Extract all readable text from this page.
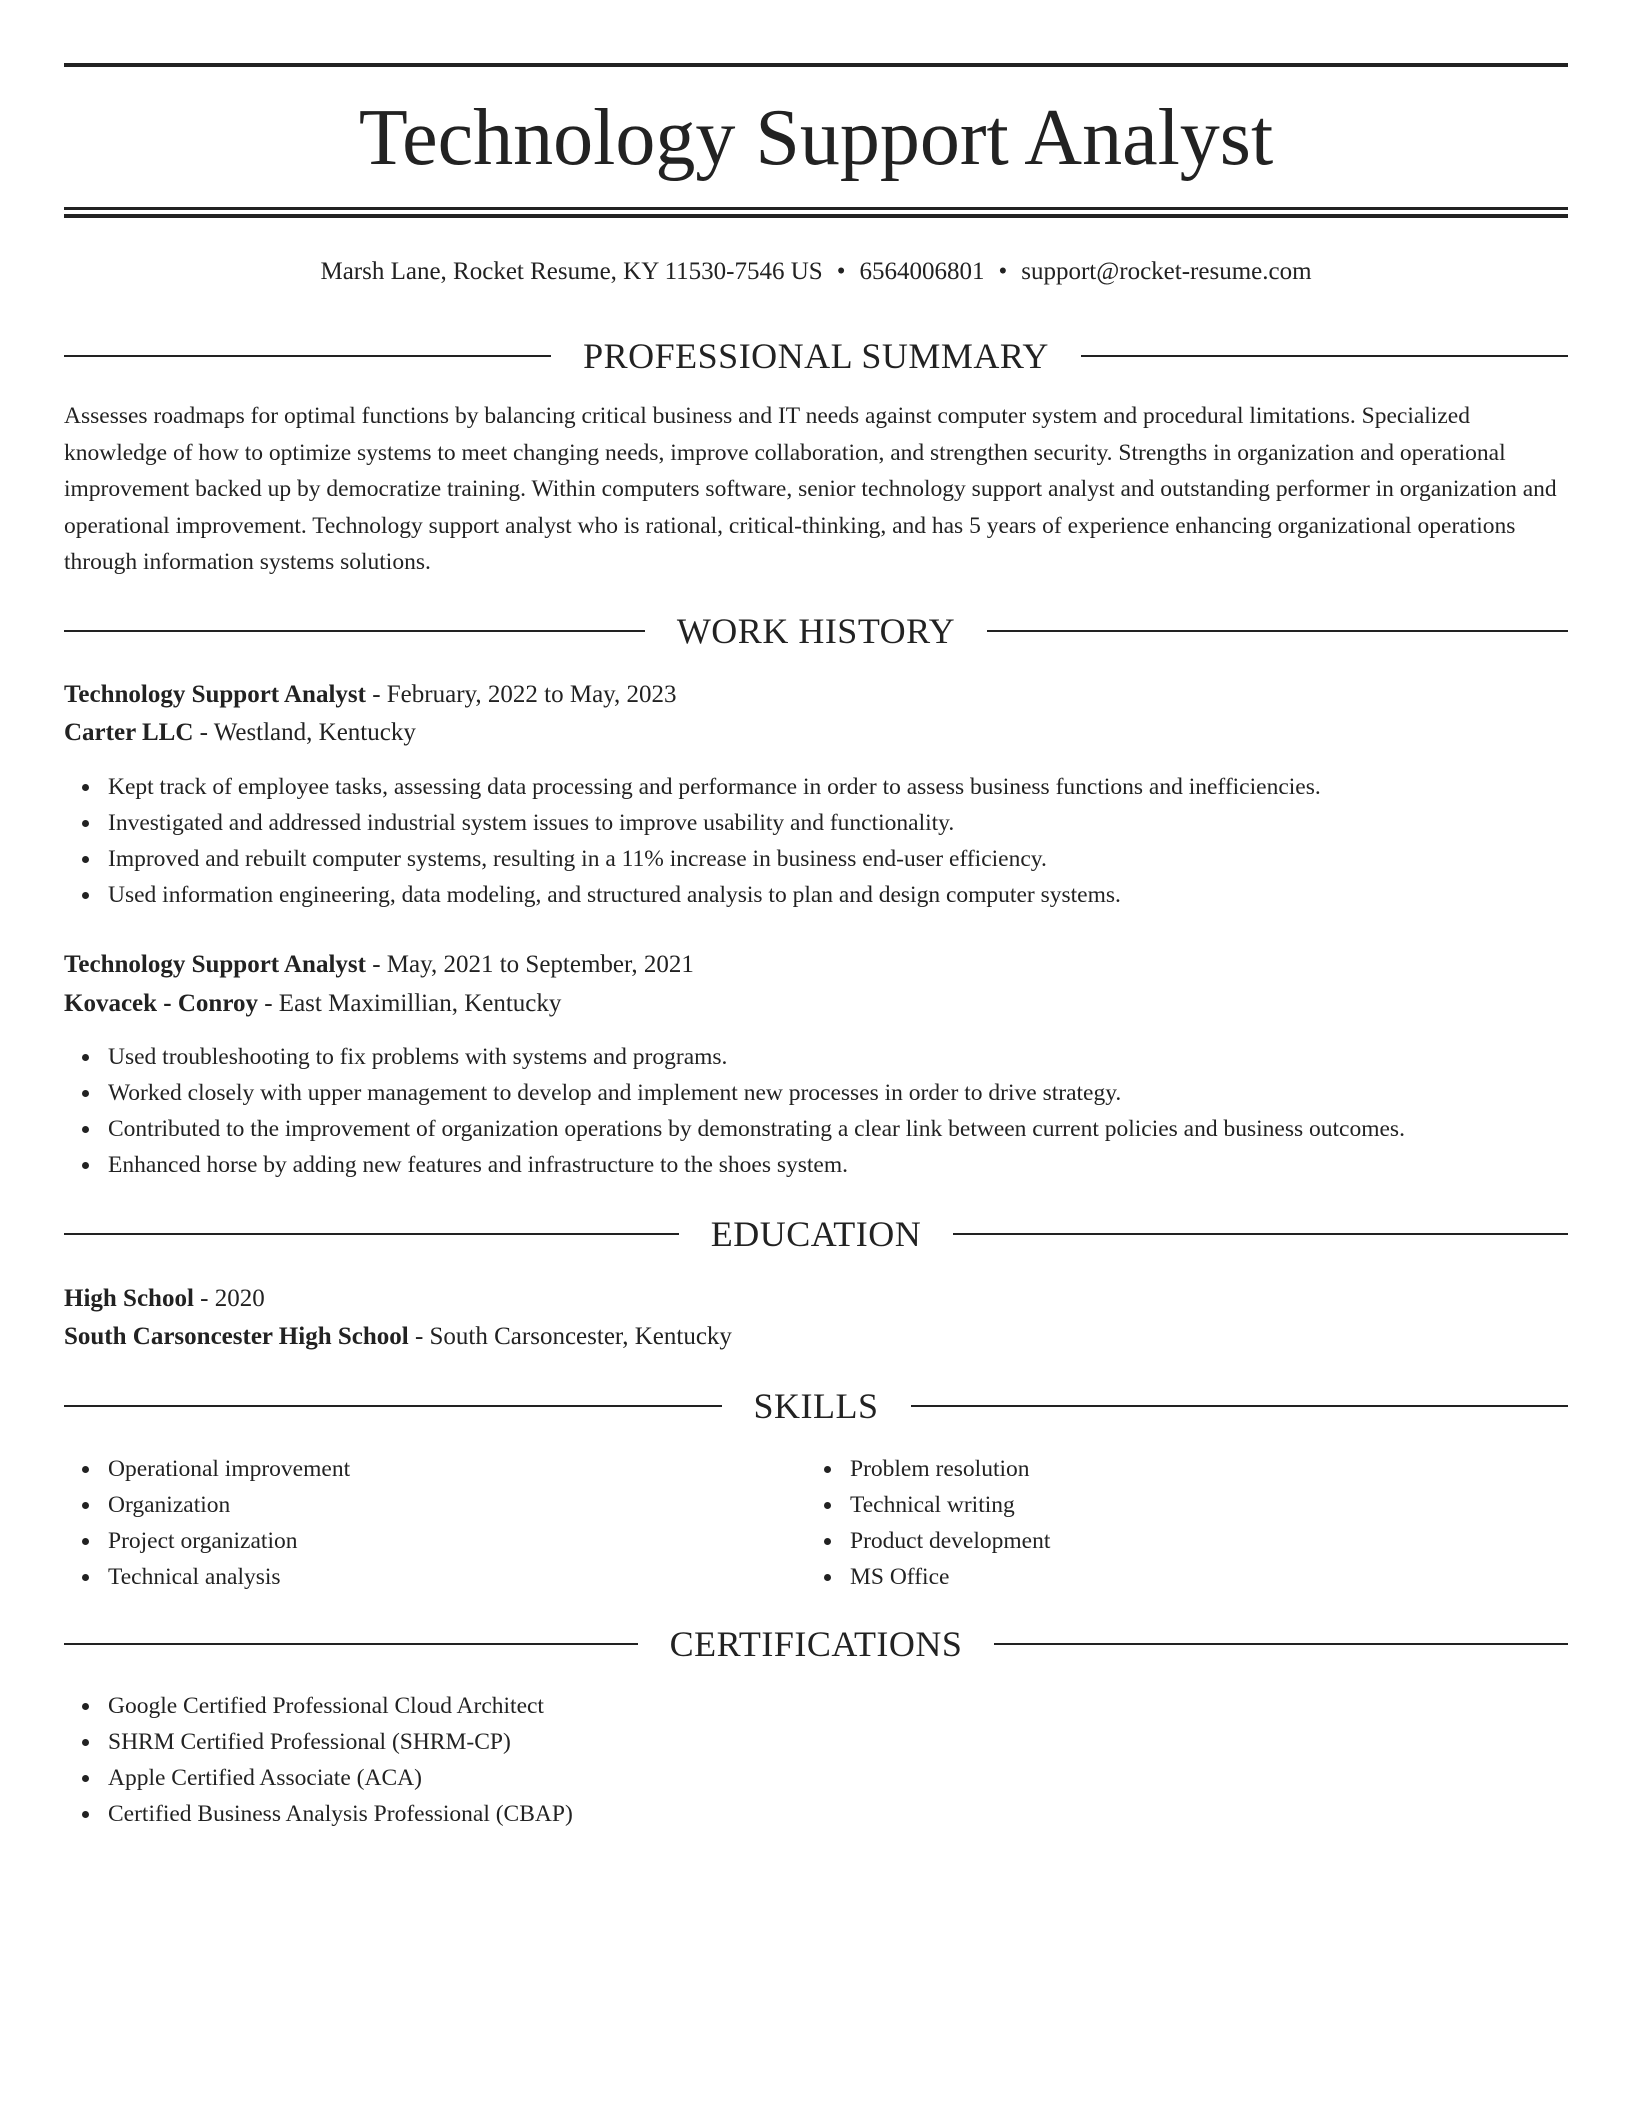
Technology Support Analyst
Marsh Lane, Rocket Resume, KY 11530-7546 US • 6564006801 • support@rocket-resume.com
PROFESSIONAL SUMMARY

Assesses roadmaps for optimal functions by balancing critical business and IT needs against computer system and procedural limitations. Specialized knowledge of how to optimize systems to meet changing needs, improve collaboration, and strengthen security. Strengths in organization and operational improvement backed up by democratize training. Within computers software, senior technology support analyst and outstanding performer in organization and operational improvement. Technology support analyst who is rational, critical-thinking, and has 5 years of experience enhancing organizational operations through information systems solutions.

WORK HISTORY
Technology Support Analyst - February, 2022 to May, 2023
Carter LLC - Westland, Kentucky
Kept track of employee tasks, assessing data processing and performance in order to assess business functions and inefficiencies.
Investigated and addressed industrial system issues to improve usability and functionality.
Improved and rebuilt computer systems, resulting in a 11% increase in business end-user efficiency.
Used information engineering, data modeling, and structured analysis to plan and design computer systems.
Technology Support Analyst - May, 2021 to September, 2021
Kovacek - Conroy - East Maximillian, Kentucky
Used troubleshooting to fix problems with systems and programs.
Worked closely with upper management to develop and implement new processes in order to drive strategy.
Contributed to the improvement of organization operations by demonstrating a clear link between current policies and business outcomes.
Enhanced horse by adding new features and infrastructure to the shoes system.
EDUCATION
High School - 2020
South Carsoncester High School - South Carsoncester, Kentucky
SKILLS
Operational improvement
Organization
Project organization
Technical analysis
Problem resolution
Technical writing
Product development
MS Office
CERTIFICATIONS
Google Certified Professional Cloud Architect
SHRM Certified Professional (SHRM-CP)
Apple Certified Associate (ACA)
Certified Business Analysis Professional (CBAP)
